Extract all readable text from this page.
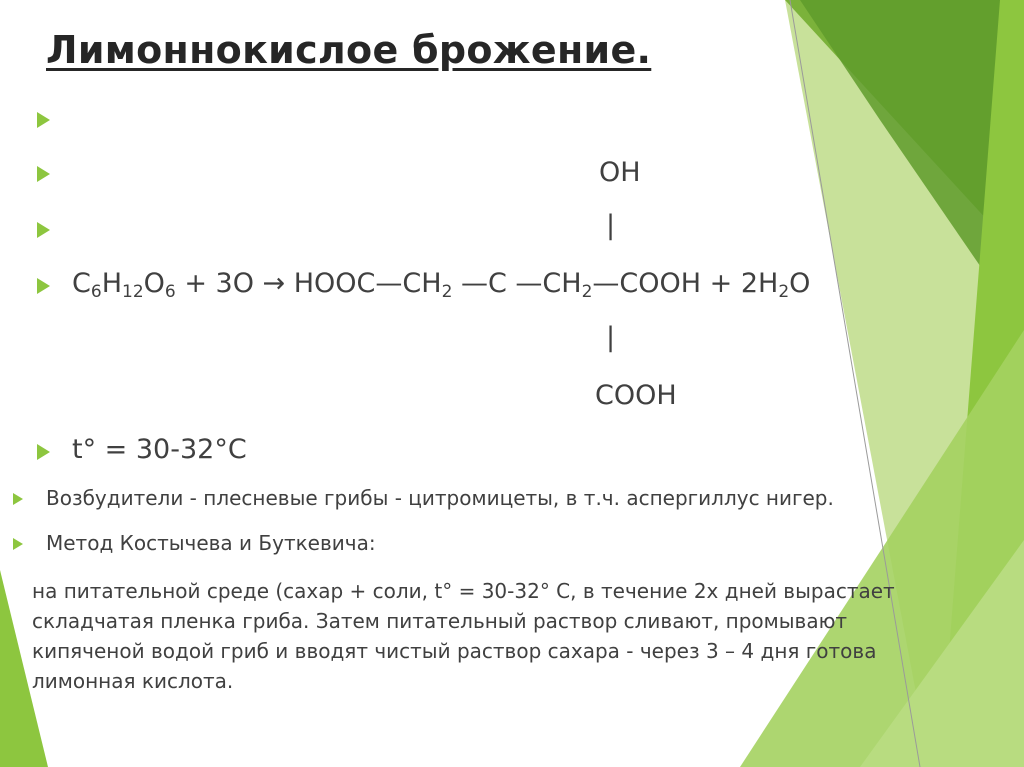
Лимоннокислое брожение.
OH
|
$C_6H_{12}O_6 + 3O$ → $HOOC—CH_2$ —C $—CH_2—COOH + 2H_2O$
|
COOH
t° = 30-32°C
Возбудители - плесневые грибы - цитромицеты, в т.ч. аспергиллус нигер.
Метод Костычева и Буткевича:
на питательной среде (сахар + соли, t° = 30-32° С, в течение 2х дней вырастает
складчатая пленка гриба. Затем питательный раствор сливают, промывают
кипяченой водой гриб и вводят чистый раствор сахара - через 3 – 4 дня готова
лимонная кислота.
